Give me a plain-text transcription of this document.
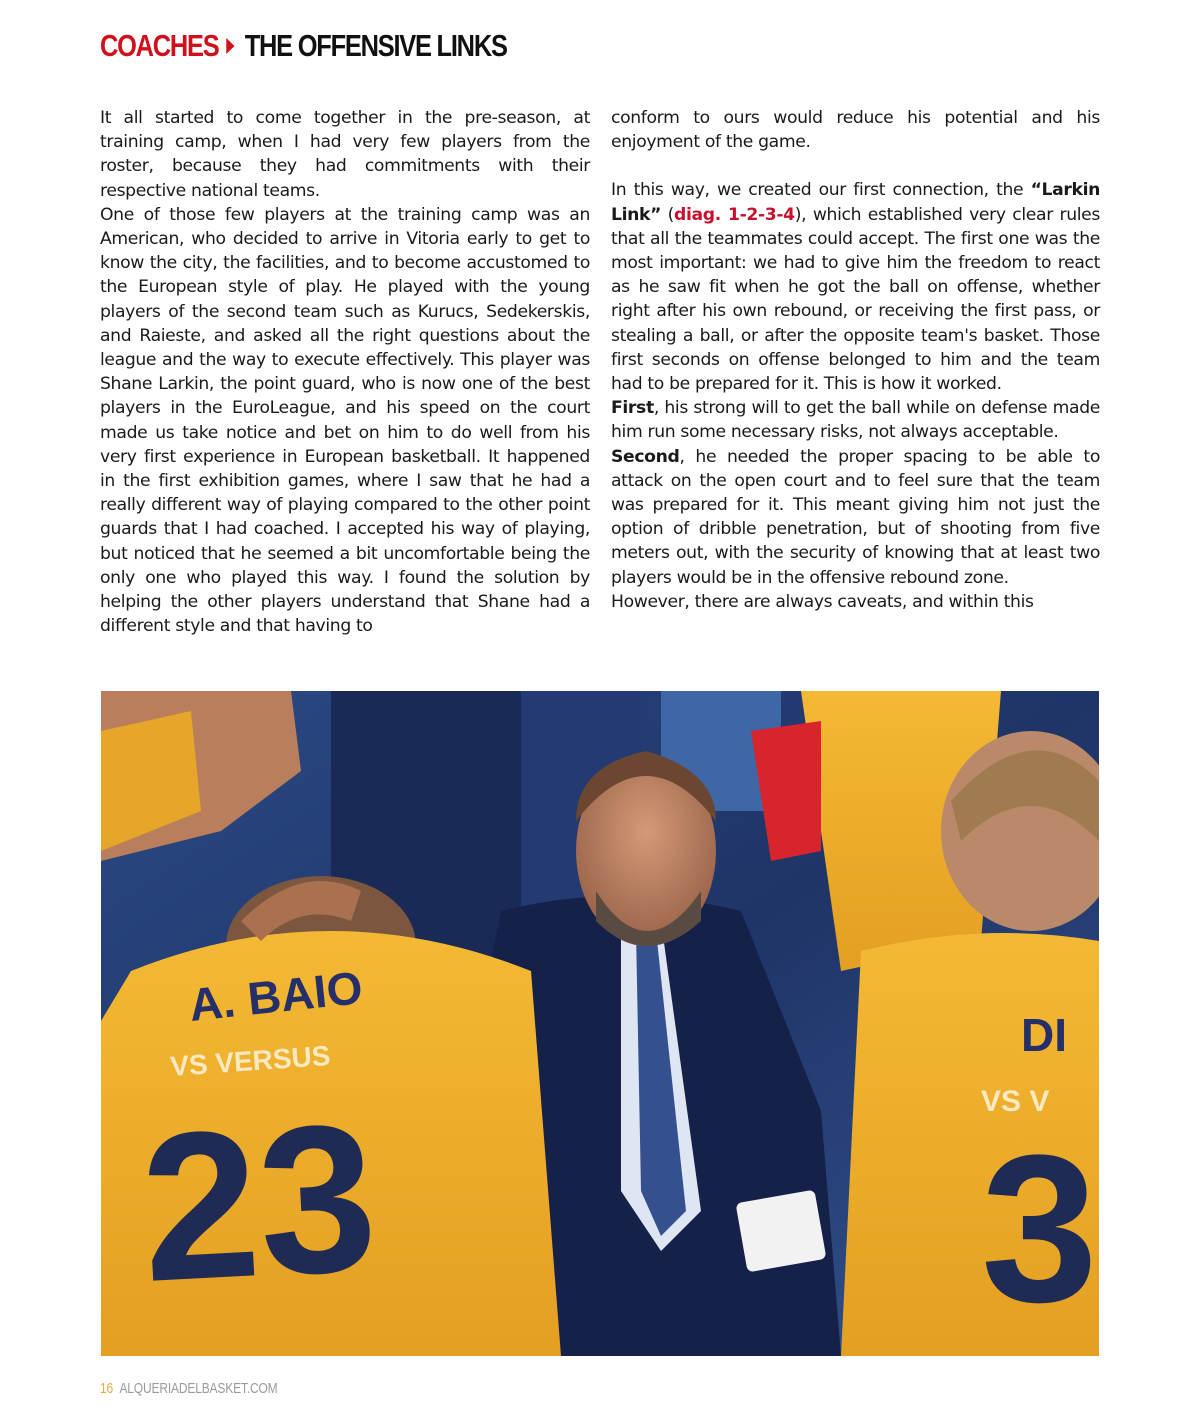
COACHES THE OFFENSIVE LINKS

It all started to come together in the pre-season, at training camp, when I had very few players from the roster, because they had commitments with their respective national teams.

One of those few players at the training camp was an American, who decided to arrive in Vitoria early to get to know the city, the facilities, and to become accustomed to the European style of play. He played with the young players of the second team such as Kurucs, Sedekerskis, and Raieste, and asked all the right questions about the league and the way to execute effectively. This player was Shane Larkin, the point guard, who is now one of the best players in the EuroLeague, and his speed on the court made us take notice and bet on him to do well from his very first experience in European basketball. It happened in the first exhibition games, where I saw that he had a really different way of playing compared to the other point guards that I had coached. I accepted his way of playing, but noticed that he seemed a bit uncomfortable being the only one who played this way. I found the solution by helping the other players understand that Shane had a different style and that having to

conform to ours would reduce his potential and his enjoyment of the game.

In this way, we created our first connection, the “Larkin Link” (diag. 1-2-3-4), which established very clear rules that all the teammates could accept. The first one was the most important: we had to give him the freedom to react as he saw fit when he got the ball on offense, whether right after his own rebound, or receiving the first pass, or stealing a ball, or after the opposite team's basket. Those first seconds on offense belonged to him and the team had to be prepared for it. This is how it worked.

First, his strong will to get the ball while on defense made him run some necessary risks, not always acceptable.

Second, he needed the proper spacing to be able to attack on the open court and to feel sure that the team was prepared for it. This meant giving him not just the option of dribble penetration, but of shooting from five meters out, with the security of knowing that at least two players would be in the offensive rebound zone.

However, there are always caveats, and within this

A. BAIO
VS VERSUS
23
DI
VS V
3
16 ALQUERIADELBASKET.COM
